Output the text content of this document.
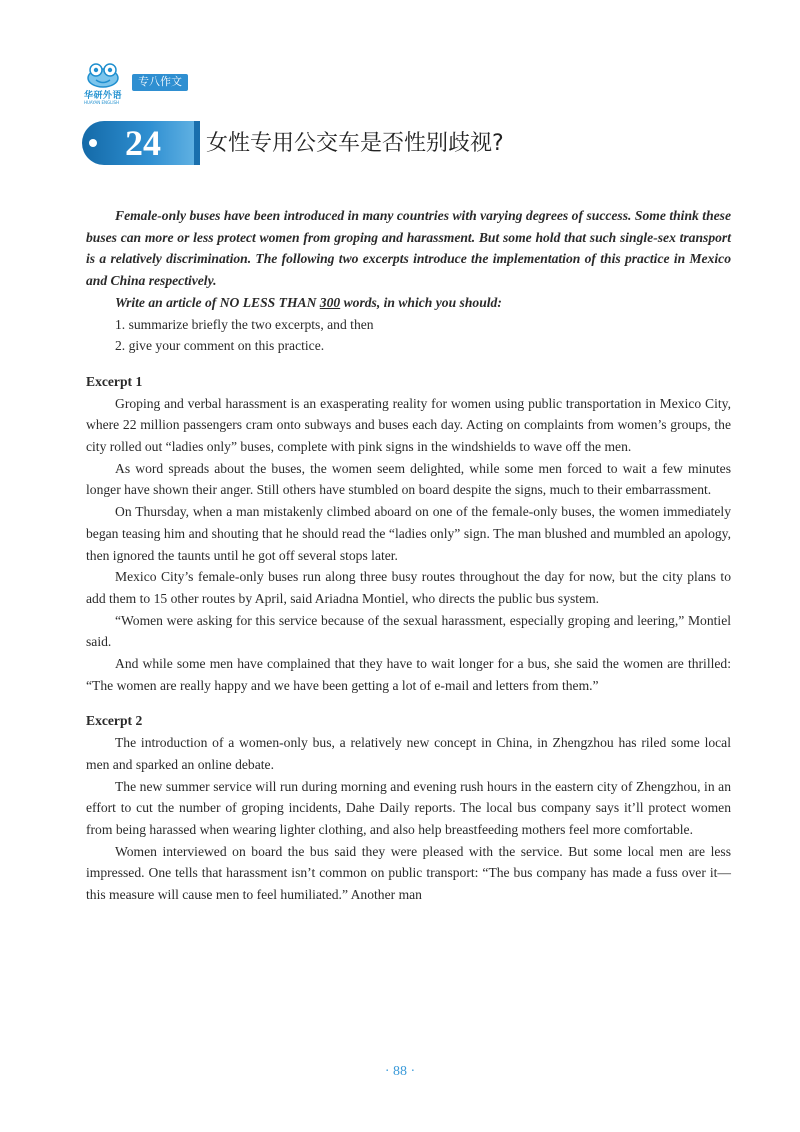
华研外语
HUAYAN ENGLISH
专八作文
24	女性专用公交车是否性别歧视?

Female-only buses have been introduced in many countries with varying degrees of success. Some think these buses can more or less protect women from groping and harassment. But some hold that such single-sex transport is a relatively discrimination. The following two excerpts introduce the implementation of this practice in Mexico and China respectively.

Write an article of NO LESS THAN 300 words, in which you should:

1. summarize briefly the two excerpts, and then

2. give your comment on this practice.

Excerpt 1

Groping and verbal harassment is an exasperating reality for women using public transportation in Mexico City, where 22 million passengers cram onto subways and buses each day. Acting on complaints from women’s groups, the city rolled out “ladies only” buses, complete with pink signs in the windshields to wave off the men.

As word spreads about the buses, the women seem delighted, while some men forced to wait a few minutes longer have shown their anger. Still others have stumbled on board despite the signs, much to their embarrassment.

On Thursday, when a man mistakenly climbed aboard on one of the female-only buses, the women immediately began teasing him and shouting that he should read the “ladies only” sign. The man blushed and mumbled an apology, then ignored the taunts until he got off several stops later.

Mexico City’s female-only buses run along three busy routes throughout the day for now, but the city plans to add them to 15 other routes by April, said Ariadna Montiel, who directs the public bus system.

“Women were asking for this service because of the sexual harassment, especially groping and leering,” Montiel said.

And while some men have complained that they have to wait longer for a bus, she said the women are thrilled: “The women are really happy and we have been getting a lot of e-mail and letters from them.”

Excerpt 2

The introduction of a women-only bus, a relatively new concept in China, in Zhengzhou has riled some local men and sparked an online debate.

The new summer service will run during morning and evening rush hours in the eastern city of Zhengzhou, in an effort to cut the number of groping incidents, Dahe Daily reports. The local bus company says it’ll protect women from being harassed when wearing lighter clothing, and also help breastfeeding mothers feel more comfortable.

Women interviewed on board the bus said they were pleased with the service. But some local men are less impressed. One tells that harassment isn’t common on public transport: “The bus company has made a fuss over it—this measure will cause men to feel humiliated.” Another man

· 88 ·
